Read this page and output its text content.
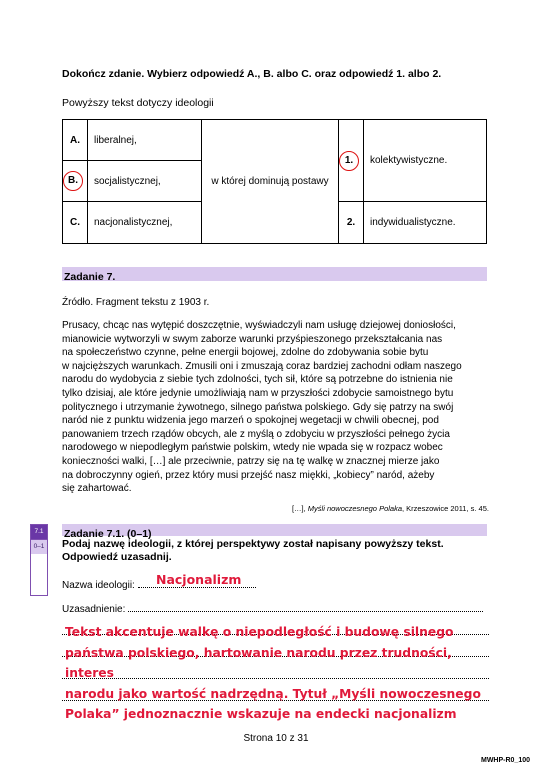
Dokończ zdanie. Wybierz odpowiedź A., B. albo C. oraz odpowiedź 1. albo 2.
Powyższy tekst dotyczy ideologii
A.	liberalnej,	w której dominują postawy	1.	kolektywistyczne.
B.	socjalistycznej,			
C.	nacjonalistycznej,		2.	indywidualistyczne.
Zadanie 7.
Źródło. Fragment tekstu z 1903 r.
Prusacy, chcąc nas wytępić doszczętnie, wyświadczyli nam usługę dziejowej doniosłości,
mianowicie wytworzyli w swym zaborze warunki przyśpieszonego przekształcania nas
na społeczeństwo czynne, pełne energii bojowej, zdolne do zdobywania sobie bytu
w najcięższych warunkach. Zmusili oni i zmuszają coraz bardziej zachodni odłam naszego
narodu do wydobycia z siebie tych zdolności, tych sił, które są potrzebne do istnienia nie
tylko dzisiaj, ale które jedynie umożliwiają nam w przyszłości zdobycie samoistnego bytu
politycznego i utrzymanie żywotnego, silnego państwa polskiego. Gdy się patrzy na swój
naród nie z punktu widzenia jego marzeń o spokojnej wegetacji w chwili obecnej, pod
panowaniem trzech rządów obcych, ale z myślą o zdobyciu w przyszłości pełnego życia
narodowego w niepodległym państwie polskim, wtedy nie wpada się w rozpacz wobec
konieczności walki, […] ale przeciwnie, patrzy się na tę walkę w znacznej mierze jako
na dobroczynny ogień, przez który musi przejść nasz miękki, „kobiecy” naród, ażeby
się zahartować.
[…], Myśli nowoczesnego Polaka, Krzeszowice 2011, s. 45.
7.1
0–1
Zadanie 7.1. (0–1)
Podaj nazwę ideologii, z której perspektywy został napisany powyższy tekst.
Odpowiedź uzasadnij.
Nazwa ideologii:	Nacjonalizm
Uzasadnienie:
Tekst akcentuje walkę o niepodległość i budowę silnego
państwa polskiego, hartowanie narodu przez trudności, interes
narodu jako wartość nadrzędną. Tytuł „Myśli nowoczesnego
Polaka” jednoznacznie wskazuje na endecki nacjonalizm
Strona 10 z 31
MWHP-R0_100
